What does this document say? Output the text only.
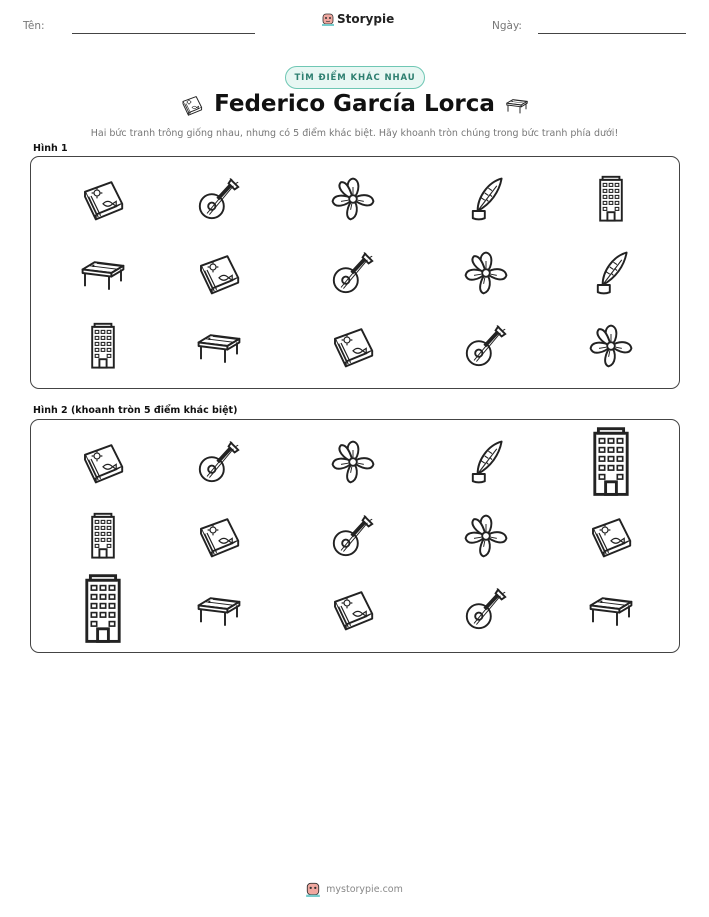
Tên:	Storypie	Ngày:
TÌM ĐIỂM KHÁC NHAU
Federico García Lorca
Hai bức tranh trông giống nhau, nhưng có 5 điểm khác biệt. Hãy khoanh tròn chúng trong bức tranh phía dưới!
Hình 1
Hình 2 (khoanh tròn 5 điểm khác biệt)
mystorypie.com
